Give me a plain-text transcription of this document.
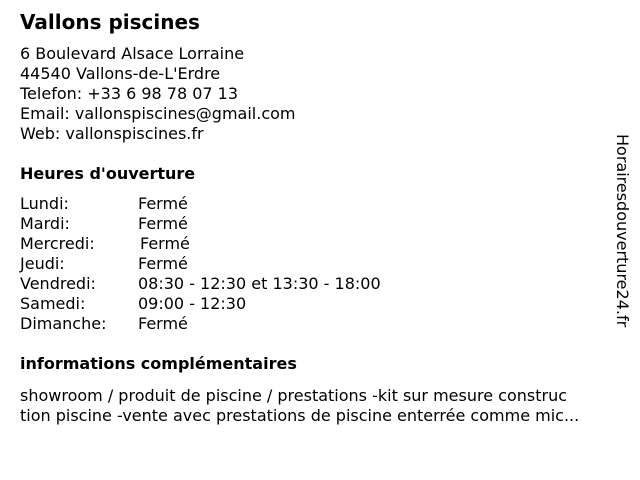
Vallons piscines
6 Boulevard Alsace Lorraine
44540 Vallons-de-L'Erdre
Telefon: +33 6 98 78 07 13
Email: vallonspiscines@gmail.com
Web: vallonspiscines.fr
Heures d'ouverture
Lundi:	Fermé
Mardi:	Fermé
Mercredi:	Fermé
Jeudi:	Fermé
Vendredi:	08:30 - 12:30 et 13:30 - 18:00
Samedi:	09:00 - 12:30
Dimanche: Fermé
informations complémentaires
showroom / produit de piscine / prestations -kit sur mesure construc
tion piscine -vente avec prestations de piscine enterrée comme mic...
Horairesdouverture24.fr
